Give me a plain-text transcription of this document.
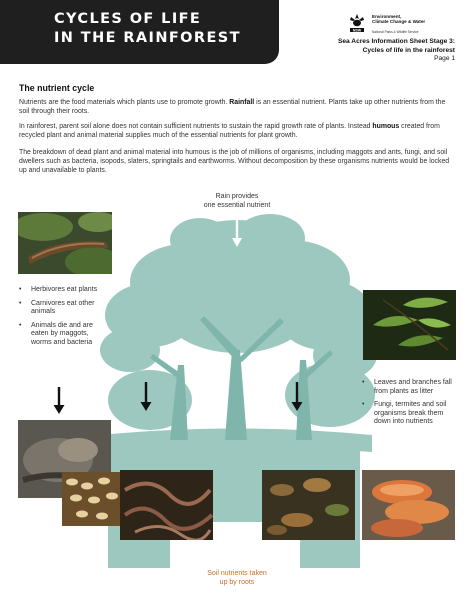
CYCLES OF LIFE
IN THE RAINFOREST	NSW
Environment,
Climate Change & Water
National Parks & Wildlife Service
Sea Acres Information Sheet Stage 3:
Cycles of life in the rainforest
Page 1
The nutrient cycle

Nutrients are the food materials which plants use to promote growth. Rainfall is an essential nutrient. Plants take up other nutrients from the soil through their roots.

In rainforest, parent soil alone does not contain sufficient nutrients to sustain the rapid growth rate of plants. Instead humous created from recycled plant and animal material supplies much of the essential nutrients for plant growth.

The breakdown of dead plant and animal material into humous is the job of millions of organisms, including maggots and ants, fungi, and soil dwellers such as bacteria, isopods, slaters, springtails and earthworms. Without decomposition by these organisms nutrients would be locked up and unavailable to plants.

Rain provides
one essential nutrient
• Herbivores eat plants
• Carnivores eat other animals
• Animals die and are eaten by maggots, worms and bacteria
• Leaves and branches fall from plants as litter
• Fungi, termites and soil organisms break them down into nutrients
Soil nutrients taken
up by roots
